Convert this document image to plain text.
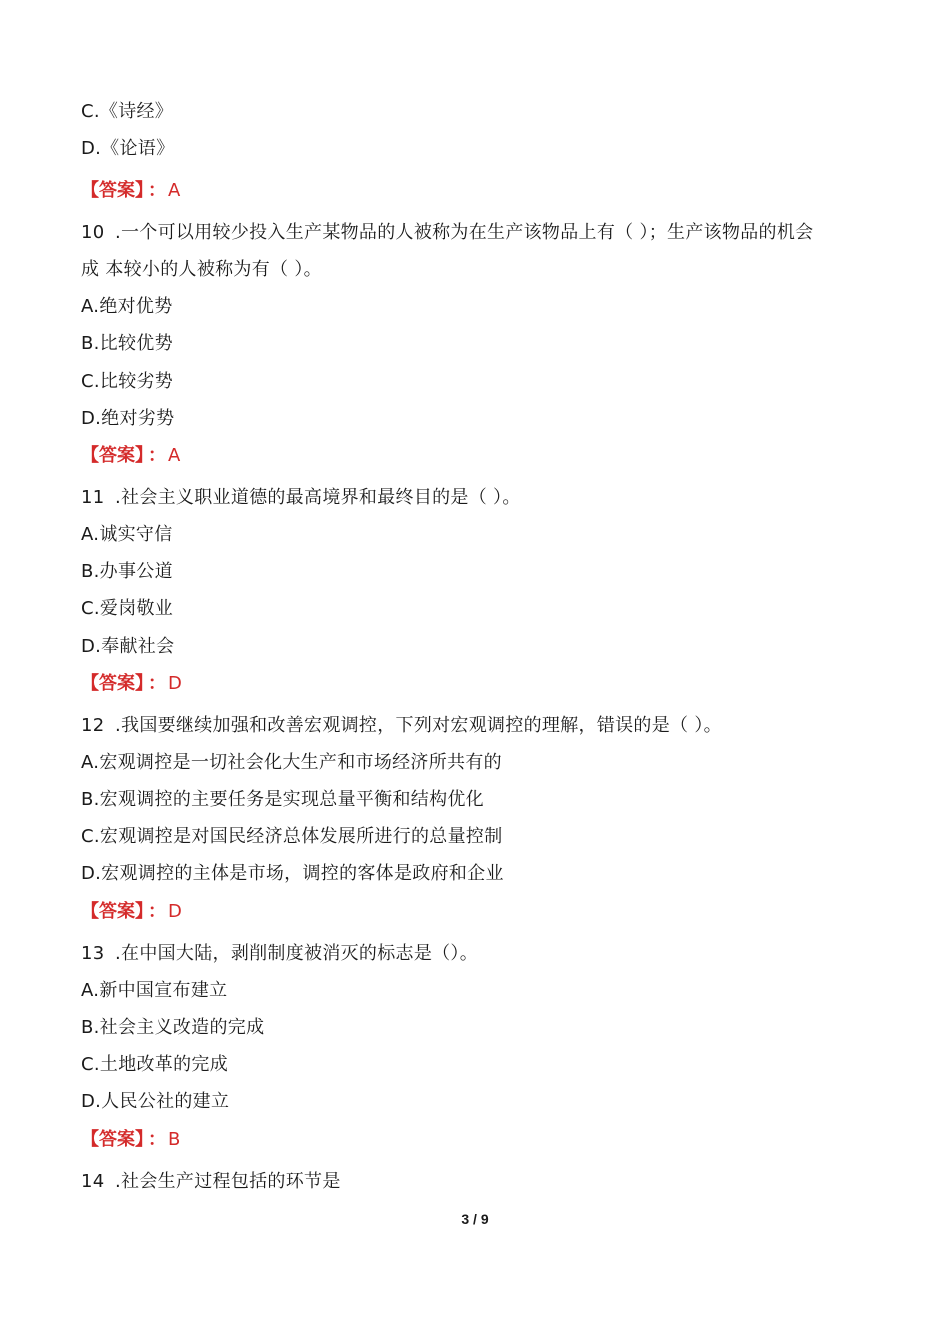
C.《诗经》
D.《论语》
【答案】 ： A
10 .一个可以用较少投入生产某物品的人被称为在生产该物品上有（ ）；生产该物品的机会
成 本较小的人被称为有（ ）。
A.绝对优势
B.比较优势
C.比较劣势
D.绝对劣势
【答案】 ： A
11 .社会主义职业道德的最高境界和最终目的是（ ）。
A.诚实守信
B.办事公道
C.爱岗敬业
D.奉献社会
【答案】 ： D
12 .我国要继续加强和改善宏观调控，下列对宏观调控的理解，错误的是（ ）。
A.宏观调控是一切社会化大生产和市场经济所共有的
B.宏观调控的主要任务是实现总量平衡和结构优化
C.宏观调控是对国民经济总体发展所进行的总量控制
D.宏观调控的主体是市场，调控的客体是政府和企业
【答案】 ： D
13 .在中国大陆，剥削制度被消灭的标志是（）。
A.新中国宣布建立
B.社会主义改造的完成
C.土地改革的完成
D.人民公社的建立
【答案】 ： B
14 .社会生产过程包括的环节是
3 / 9
